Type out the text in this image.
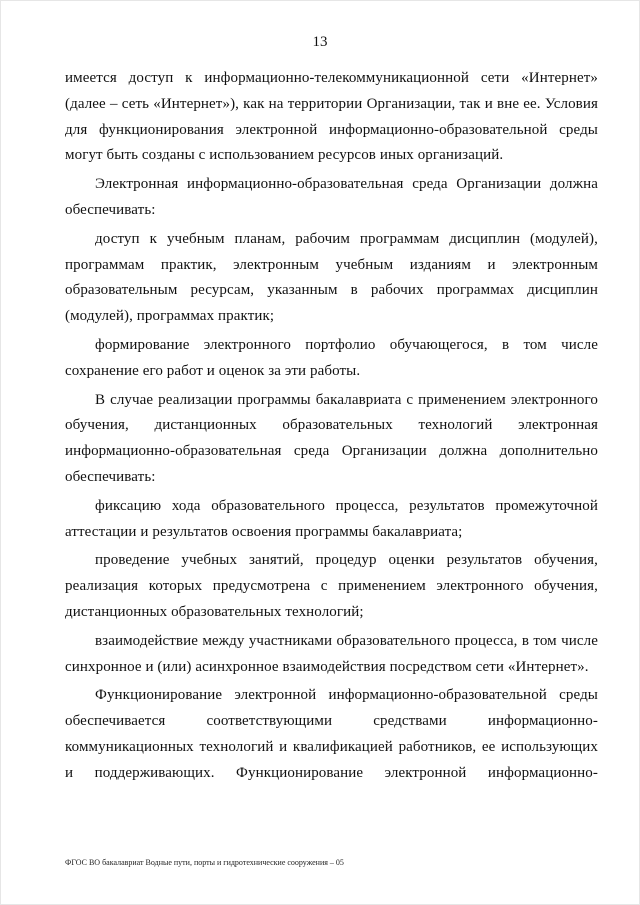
13

имеется доступ к информационно-телекоммуникационной сети «Интернет» (далее – сеть «Интернет»), как на территории Организации, так и вне ее. Условия для функционирования электронной информационно-образовательной среды могут быть созданы с использованием ресурсов иных организаций.

Электронная информационно-образовательная среда Организации должна обеспечивать:

доступ к учебным планам, рабочим программам дисциплин (модулей), программам практик, электронным учебным изданиям и электронным образовательным ресурсам, указанным в рабочих программах дисциплин (модулей), программах практик;

формирование электронного портфолио обучающегося, в том числе сохранение его работ и оценок за эти работы.

В случае реализации программы бакалавриата с применением электронного обучения, дистанционных образовательных технологий электронная информационно-образовательная среда Организации должна дополнительно обеспечивать:

фиксацию хода образовательного процесса, результатов промежуточной аттестации и результатов освоения программы бакалавриата;

проведение учебных занятий, процедур оценки результатов обучения, реализация которых предусмотрена с применением электронного обучения, дистанционных образовательных технологий;

взаимодействие между участниками образовательного процесса, в том числе синхронное и (или) асинхронное взаимодействия посредством сети «Интернет».

Функционирование электронной информационно-образовательной среды обеспечивается соответствующими средствами информационно-коммуникационных технологий и квалификацией работников, ее использующих и поддерживающих. Функционирование электронной информационно-

ФГОС ВО бакалавриат Водные пути, порты и гидротехнические сооружения – 05
